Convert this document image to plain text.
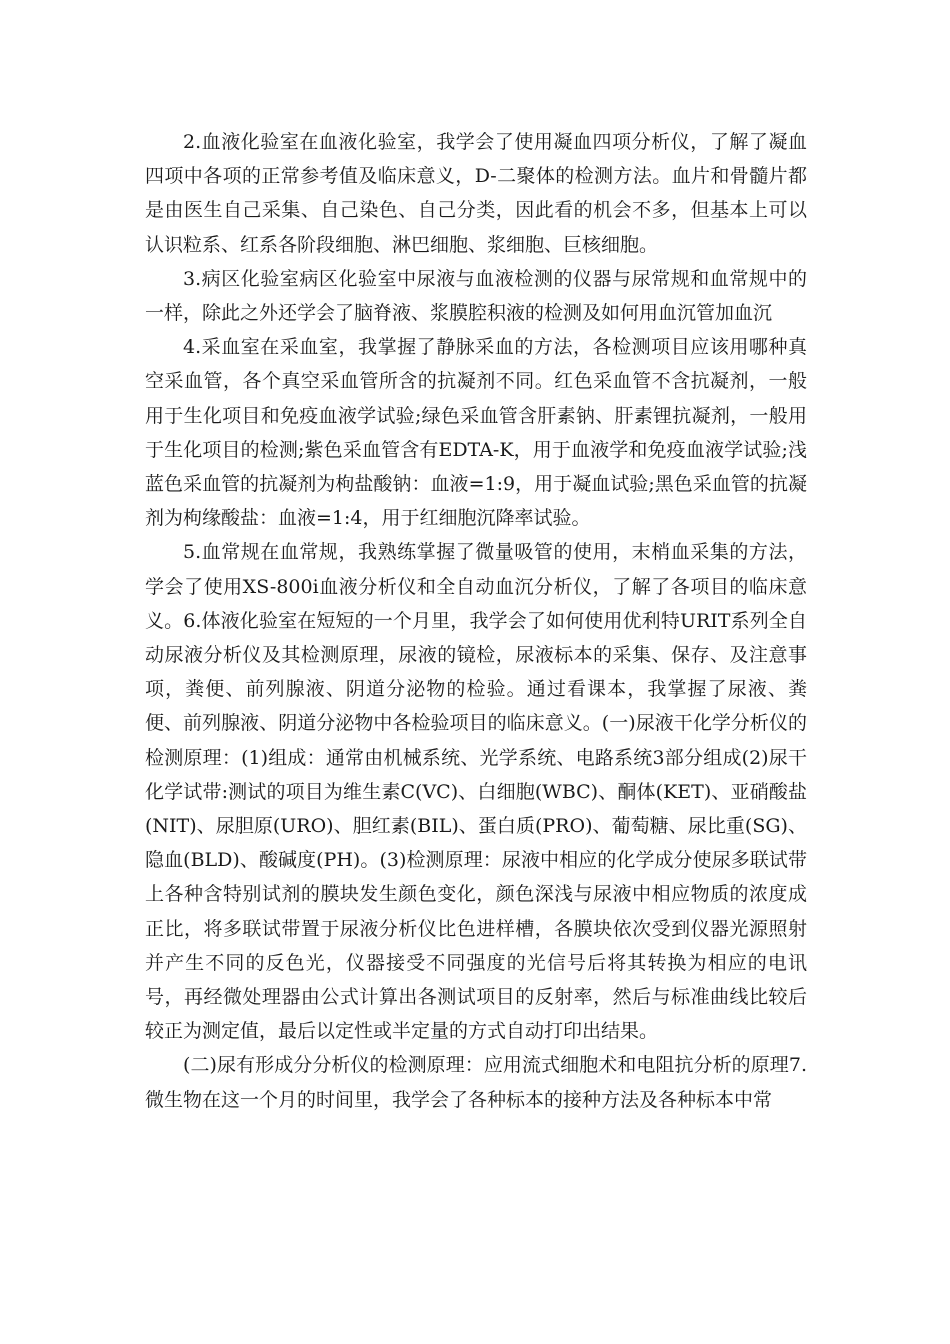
2.血液化验室在血液化验室，我学会了使用凝血四项分析仪，了解了凝血四项中各项的正常参考值及临床意义，D-二聚体的检测方法。血片和骨髓片都是由医生自己采集、自己染色、自己分类，因此看的机会不多，但基本上可以认识粒系、红系各阶段细胞、淋巴细胞、浆细胞、巨核细胞。

3.病区化验室病区化验室中尿液与血液检测的仪器与尿常规和血常规中的一样，除此之外还学会了脑脊液、浆膜腔积液的检测及如何用血沉管加血沉

4.采血室在采血室，我掌握了静脉采血的方法，各检测项目应该用哪种真空采血管，各个真空采血管所含的抗凝剂不同。红色采血管不含抗凝剂，一般用于生化项目和免疫血液学试验;绿色采血管含肝素钠、肝素锂抗凝剂，一般用于生化项目的检测;紫色采血管含有EDTA-K，用于血液学和免疫血液学试验;浅蓝色采血管的抗凝剂为枸盐酸钠：血液=1:9，用于凝血试验;黑色采血管的抗凝剂为枸缘酸盐：血液=1:4，用于红细胞沉降率试验。

5.血常规在血常规，我熟练掌握了微量吸管的使用，末梢血采集的方法，学会了使用XS-800i血液分析仪和全自动血沉分析仪，了解了各项目的临床意义。6.体液化验室在短短的一个月里，我学会了如何使用优利特URIT系列全自动尿液分析仪及其检测原理，尿液的镜检，尿液标本的采集、保存、及注意事项，粪便、前列腺液、阴道分泌物的检验。通过看课本，我掌握了尿液、粪便、前列腺液、阴道分泌物中各检验项目的临床意义。(一)尿液干化学分析仪的检测原理：(1)组成：通常由机械系统、光学系统、电路系统3部分组成(2)尿干化学试带:测试的项目为维生素C(VC)、白细胞(WBC)、酮体(KET)、亚硝酸盐(NIT)、尿胆原(URO)、胆红素(BIL)、蛋白质(PRO)、葡萄糖、尿比重(SG)、隐血(BLD)、酸碱度(PH)。(3)检测原理：尿液中相应的化学成分使尿多联试带上各种含特别试剂的膜块发生颜色变化，颜色深浅与尿液中相应物质的浓度成正比，将多联试带置于尿液分析仪比色进样槽，各膜块依次受到仪器光源照射并产生不同的反色光，仪器接受不同强度的光信号后将其转换为相应的电讯号，再经微处理器由公式计算出各测试项目的反射率，然后与标准曲线比较后较正为测定值，最后以定性或半定量的方式自动打印出结果。

(二)尿有形成分分析仪的检测原理：应用流式细胞术和电阻抗分析的原理7.微生物在这一个月的时间里，我学会了各种标本的接种方法及各种标本中常
